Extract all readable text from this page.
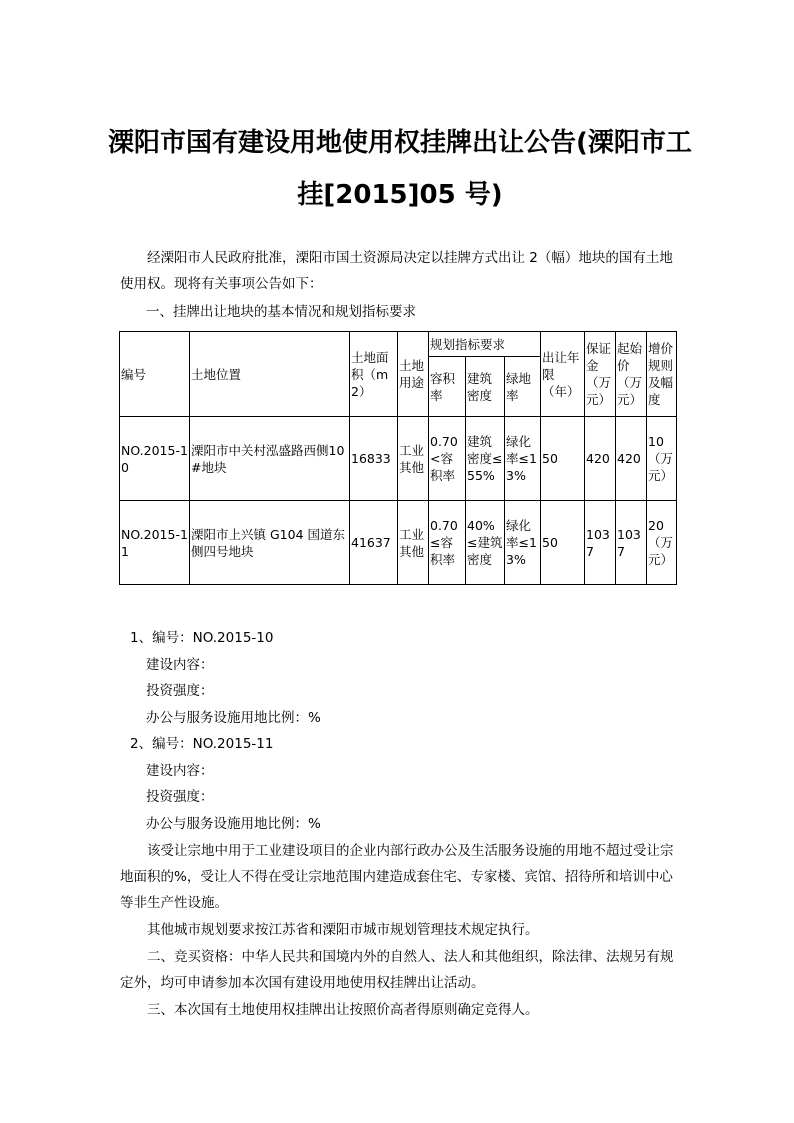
溧阳市国有建设用地使用权挂牌出让公告(溧阳市工
挂[2015]05 号)

经溧阳市人民政府批准，溧阳市国土资源局决定以挂牌方式出让 2（幅）地块的国有土地使用权。现将有关事项公告如下：

一、挂牌出让地块的基本情况和规划指标要求

编号	土地位置	土地面积（m2）	土地用途	规划指标要求			出让年限（年）	保证金（万元）	起始价（万元）	增价规则及幅度
				容积率	建筑密度	绿地率				
NO.2015-10	溧阳市中关村泓盛路西侧10#地块	16833	工业其他	0.70<容积率	建筑密度≤55%	绿化率≤13%	50	420	420	10（万元）
NO.2015-11	溧阳市上兴镇 G104 国道东侧四号地块	41637	工业其他	0.70≤容积率	40%≤建筑密度	绿化率≤13%	50	1037	1037	20（万元）

1、编号：NO.2015-10

建设内容：

投资强度：

办公与服务设施用地比例：%

2、编号：NO.2015-11

建设内容：

投资强度：

办公与服务设施用地比例：%

该受让宗地中用于工业建设项目的企业内部行政办公及生活服务设施的用地不超过受让宗地面积的%，受让人不得在受让宗地范围内建造成套住宅、专家楼、宾馆、招待所和培训中心等非生产性设施。

其他城市规划要求按江苏省和溧阳市城市规划管理技术规定执行。

二、竞买资格：中华人民共和国境内外的自然人、法人和其他组织，除法律、法规另有规定外，均可申请参加本次国有建设用地使用权挂牌出让活动。

三、本次国有土地使用权挂牌出让按照价高者得原则确定竞得人。
